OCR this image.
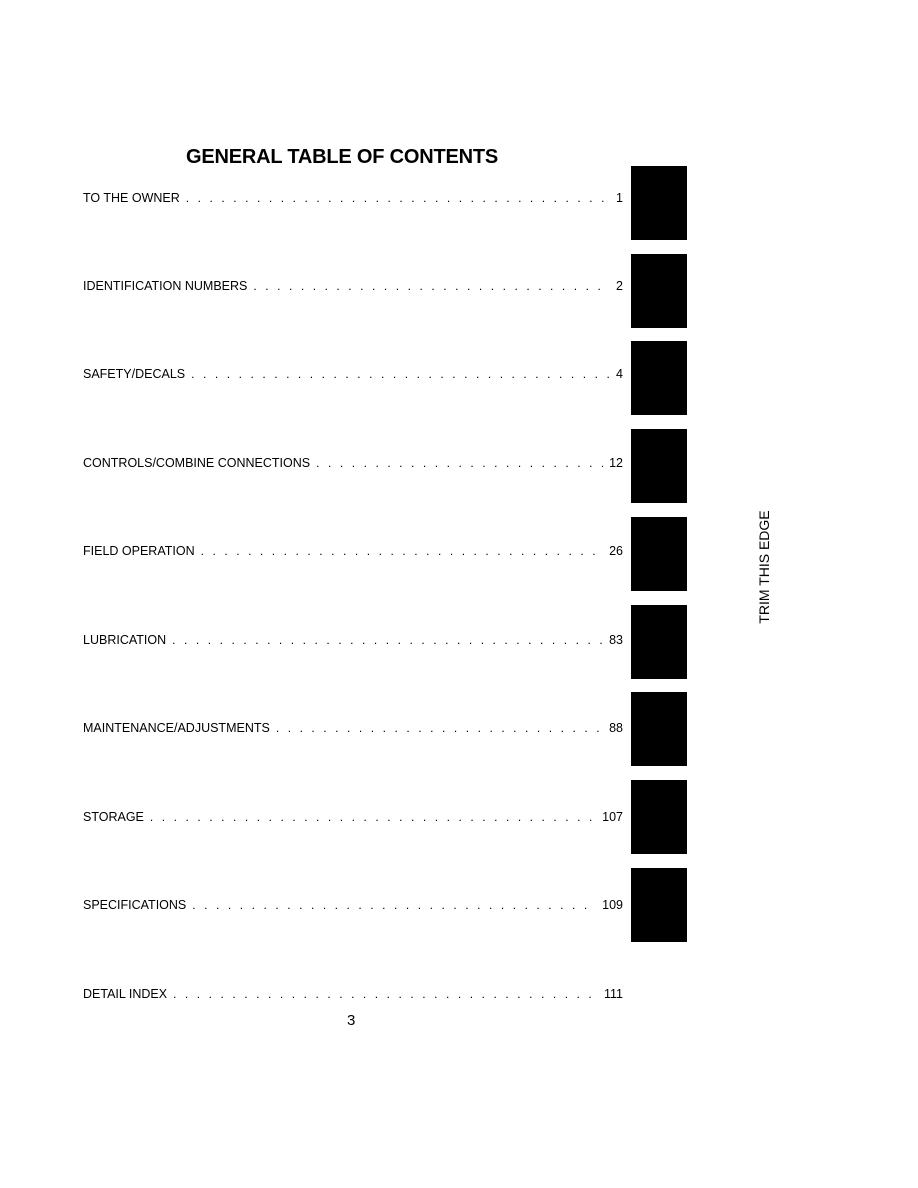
GENERAL TABLE OF CONTENTS
TO THE OWNER . . .	1
IDENTIFICATION NUMBERS . . .	2
SAFETY/DECALS . . .	4
CONTROLS/COMBINE CONNECTIONS . . .	12
FIELD OPERATION . . .	26
LUBRICATION . . .	83
MAINTENANCE/ADJUSTMENTS . . .	88
STORAGE . . .	107
SPECIFICATIONS . . .	109
DETAIL INDEX . . .	111
TRIM THIS EDGE
3
